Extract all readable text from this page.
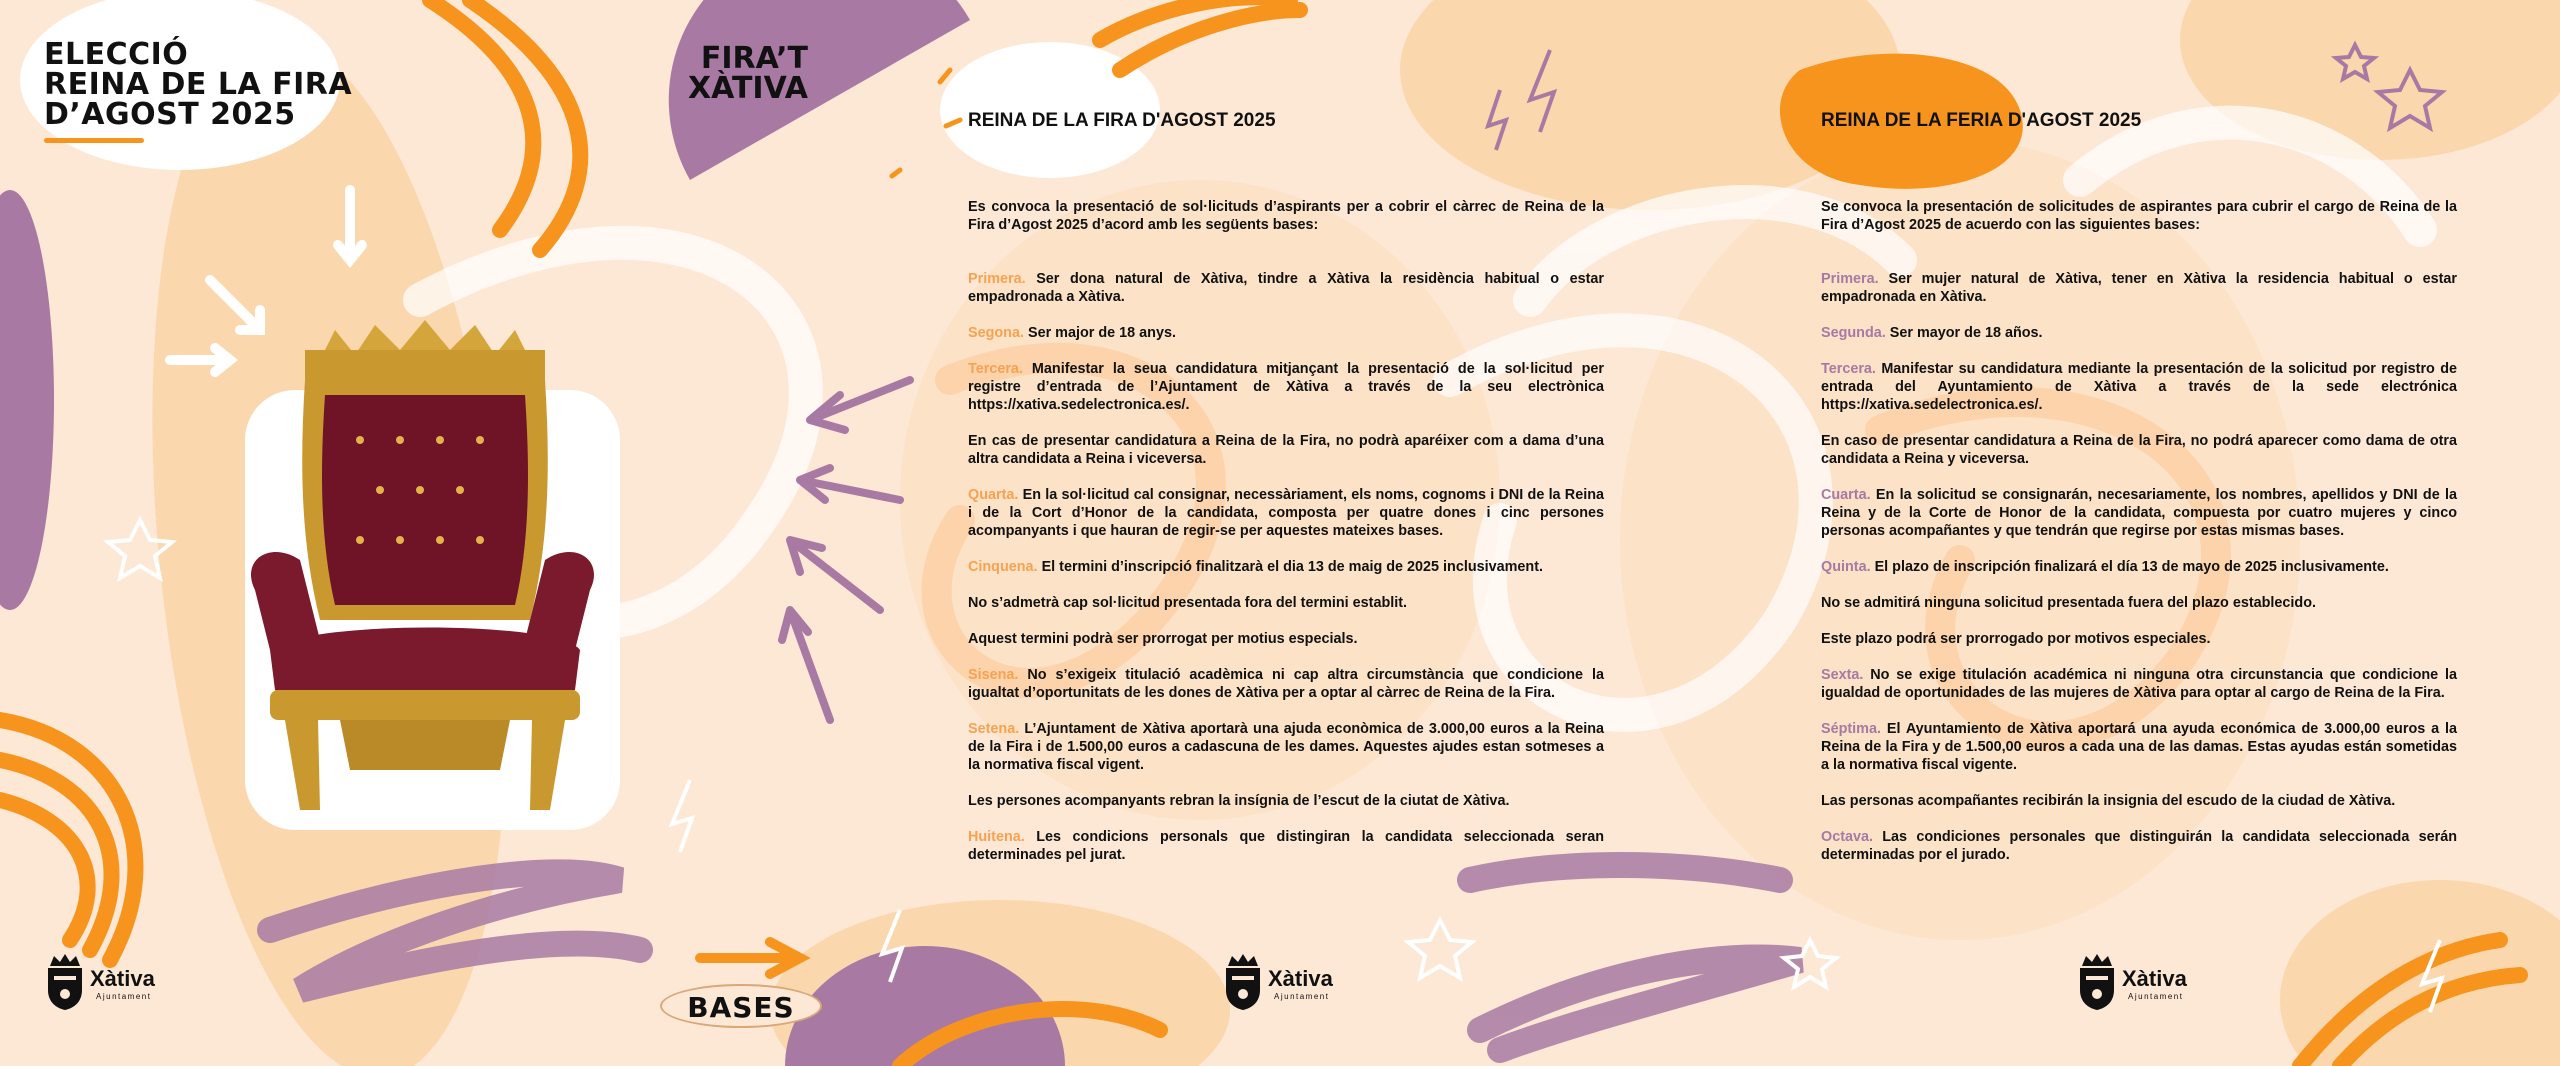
ELECCIÓ
REINA DE LA FIRA
D’AGOST 2025
FIRA’T
XÀTIVA
BASES
Xàtiva
Ajuntament
Xàtiva
Ajuntament
Xàtiva
Ajuntament
REINA DE LA FIRA D'AGOST 2025

Es convoca la presentació de sol·licituds d’aspirants per a cobrir el càrrec de Reina de la Fira d’Agost 2025 d’acord amb les següents bases:

Primera. Ser dona natural de Xàtiva, tindre a Xàtiva la residència habitual o estar empadronada a Xàtiva.

Segona. Ser major de 18 anys.

Tercera. Manifestar la seua candidatura mitjançant la presentació de la sol·licitud per registre d’entrada de l’Ajuntament de Xàtiva a través de la seu electrònica https://xativa.sedelectronica.es/.

En cas de presentar candidatura a Reina de la Fira, no podrà aparéixer com a dama d’una altra candidata a Reina i viceversa.

Quarta. En la sol·licitud cal consignar, necessàriament, els noms, cognoms i DNI de la Reina i de la Cort d’Honor de la candidata, composta per quatre dones i cinc persones acompanyants i que hauran de regir-se per aquestes mateixes bases.

Cinquena. El termini d’inscripció finalitzarà el dia 13 de maig de 2025 inclusivament.

No s’admetrà cap sol·licitud presentada fora del termini establit.

Aquest termini podrà ser prorrogat per motius especials.

Sisena. No s’exigeix titulació acadèmica ni cap altra circumstància que condicione la igualtat d’oportunitats de les dones de Xàtiva per a optar al càrrec de Reina de la Fira.

Setena. L’Ajuntament de Xàtiva aportarà una ajuda econòmica de 3.000,00 euros a la Reina de la Fira i de 1.500,00 euros a cadascuna de les dames. Aquestes ajudes estan sotmeses a la normativa fiscal vigent.

Les persones acompanyants rebran la insígnia de l’escut de la ciutat de Xàtiva.

Huitena. Les condicions personals que distingiran la candidata seleccionada seran determinades pel jurat.

REINA DE LA FERIA D'AGOST 2025

Se convoca la presentación de solicitudes de aspirantes para cubrir el cargo de Reina de la Fira d’Agost 2025 de acuerdo con las siguientes bases:

Primera. Ser mujer natural de Xàtiva, tener en Xàtiva la residencia habitual o estar empadronada en Xàtiva.

Segunda. Ser mayor de 18 años.

Tercera. Manifestar su candidatura mediante la presentación de la solicitud por registro de entrada del Ayuntamiento de Xàtiva a través de la sede electrónica https://xativa.sedelectronica.es/.

En caso de presentar candidatura a Reina de la Fira, no podrá aparecer como dama de otra candidata a Reina y viceversa.

Cuarta. En la solicitud se consignarán, necesariamente, los nombres, apellidos y DNI de la Reina y de la Corte de Honor de la candidata, compuesta por cuatro mujeres y cinco personas acompañantes y que tendrán que regirse por estas mismas bases.

Quinta. El plazo de inscripción finalizará el día 13 de mayo de 2025 inclusivamente.

No se admitirá ninguna solicitud presentada fuera del plazo establecido.

Este plazo podrá ser prorrogado por motivos especiales.

Sexta. No se exige titulación académica ni ninguna otra circunstancia que condicione la igualdad de oportunidades de las mujeres de Xàtiva para optar al cargo de Reina de la Fira.

Séptima. El Ayuntamiento de Xàtiva aportará una ayuda económica de 3.000,00 euros a la Reina de la Fira y de 1.500,00 euros a cada una de las damas. Estas ayudas están sometidas a la normativa fiscal vigente.

Las personas acompañantes recibirán la insignia del escudo de la ciudad de Xàtiva.

Octava. Las condiciones personales que distinguirán la candidata seleccionada serán determinadas por el jurado.
